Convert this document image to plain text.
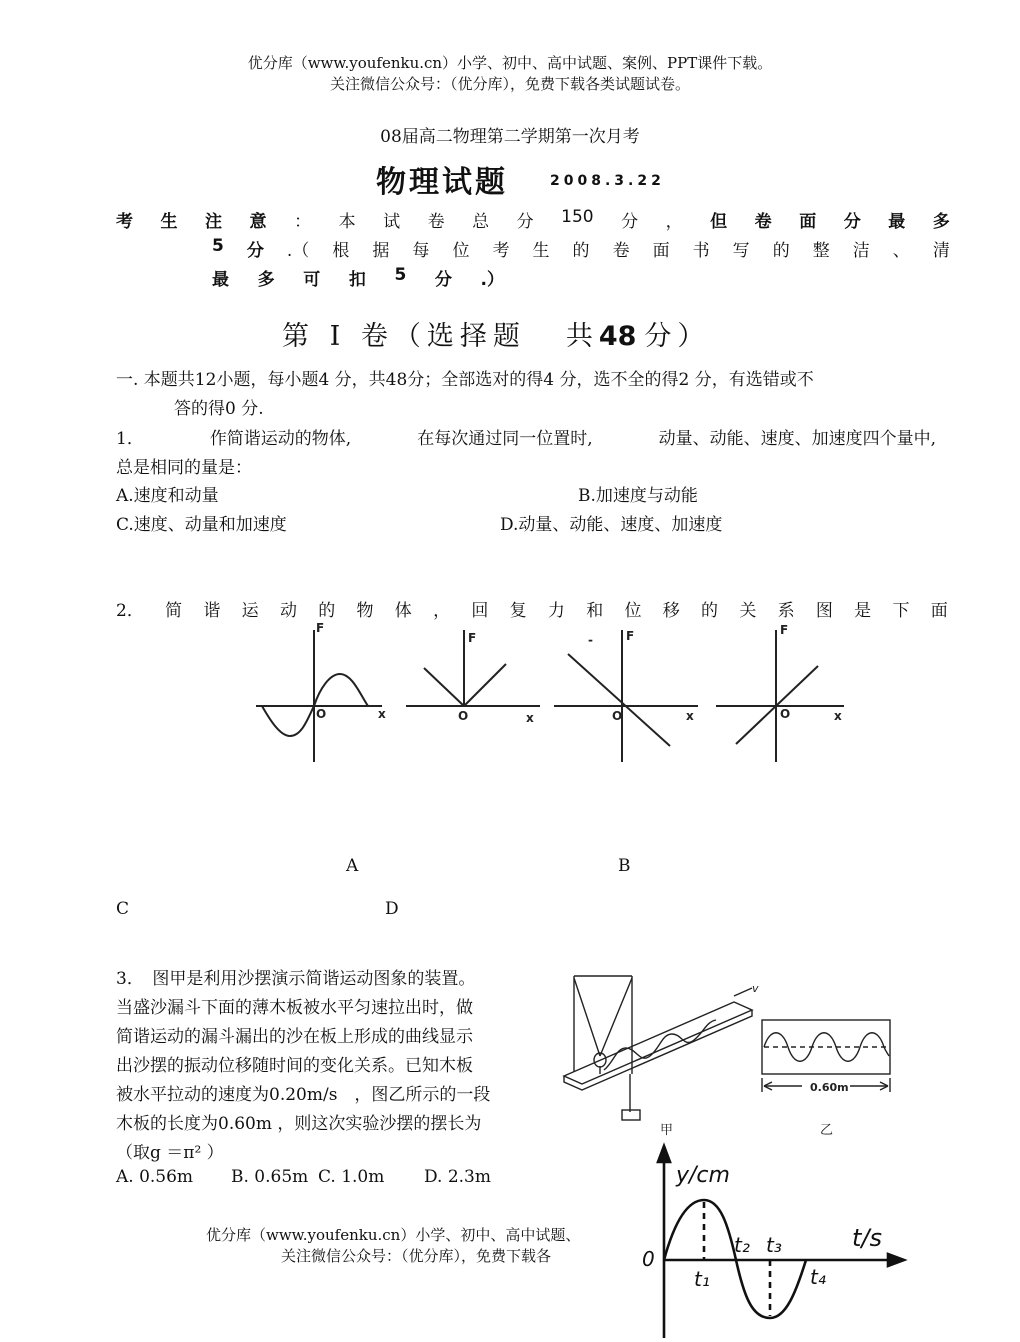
优分库（www.youfenku.cn）小学、初中、高中试题、案例、PPT课件下载。
关注微信公众号：（优分库），免费下载各类试题试卷。
08届高二物理第二学期第一次月考
物理试题	2008.3.22
考 生 注 意 ： 本 试 卷 总 分 150 分 ， 但 卷 面 分 最 多
5 分 .（ 根 据 每 位 考 生 的 卷 面 书 写 的 整 洁 、 清
最 多 可 扣 5 分 .）
第 Ⅰ 卷（选择题 共 48 分）
一. 本题共12小题，每小题4 分，共48分；全部选对的得4 分，选不全的得2 分，有选错或不
答的得0 分.
1．	作简谐运动的物体,	在每次通过同一位置时,	动量、动能、速度、加速度四个量中,
总是相同的量是：
A.速度和动量	B.加速度与动能
C.速度、动量和加速度	D.动量、动能、速度、加速度
2． 简 谐 运 动 的 物 体 ， 回 复 力 和 位 移 的 关 系 图 是 下 面
F
O	x
F
O	x
-	F
O	x
F
O	x
A	B
C	D
3．　图甲是利用沙摆演示简谐运动图象的装置。
当盛沙漏斗下面的薄木板被水平匀速拉出时，做
简谐运动的漏斗漏出的沙在板上形成的曲线显示
出沙摆的振动位移随时间的变化关系。已知木板
被水平拉动的速度为0.20m/s　，图乙所示的一段
木板的长度为0.60m ，则这次实验沙摆的摆长为
（取g ＝π² ）
A. 0.56m B. 0.65m C. 1.0m D. 2.3m
v
甲
0.60m
乙
y/cm
t/s
0
t₁
t₂ t₃
t₄
优分库（www.youfenku.cn）小学、初中、高中试题、
关注微信公众号：（优分库），免费下载各
